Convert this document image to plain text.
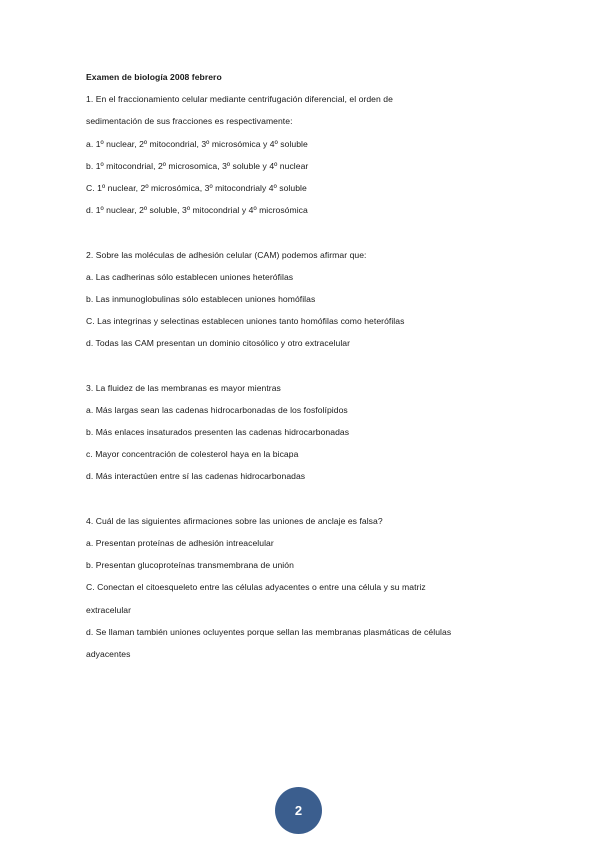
Examen de biología 2008 febrero
1. En el fraccionamiento celular mediante centrifugación diferencial, el orden de
sedimentación de sus fracciones es respectivamente:
a. 1º nuclear, 2º mitocondrial, 3º microsómica y 4º soluble
b. 1º mitocondrial, 2º microsomica, 3º soluble y 4º nuclear
C. 1º nuclear, 2º microsómica, 3º mitocondrialy 4º soluble
d. 1º nuclear, 2º soluble, 3º mitocondrial y 4º microsómica
2. Sobre las moléculas de adhesión celular (CAM) podemos afirmar que:
a. Las cadherinas sólo establecen uniones heterófilas
b. Las inmunoglobulinas sólo establecen uniones homófilas
C. Las integrinas y selectinas establecen uniones tanto homófilas como heterófilas
d. Todas las CAM presentan un dominio citosólico y otro extracelular
3. La fluidez de las membranas es mayor mientras
a. Más largas sean las cadenas hidrocarbonadas de los fosfolípidos
b. Más enlaces insaturados presenten las cadenas hidrocarbonadas
c. Mayor concentración de colesterol haya en la bicapa
d. Más interactúen entre sí las cadenas hidrocarbonadas
4. Cuál de las siguientes afirmaciones sobre las uniones de anclaje es falsa?
a. Presentan proteínas de adhesión intreacelular
b. Presentan glucoproteínas transmembrana de unión
C. Conectan el citoesqueleto entre las células adyacentes o entre una célula y su matriz
extracelular
d. Se llaman también uniones ocluyentes porque sellan las membranas plasmáticas de células
adyacentes
2
